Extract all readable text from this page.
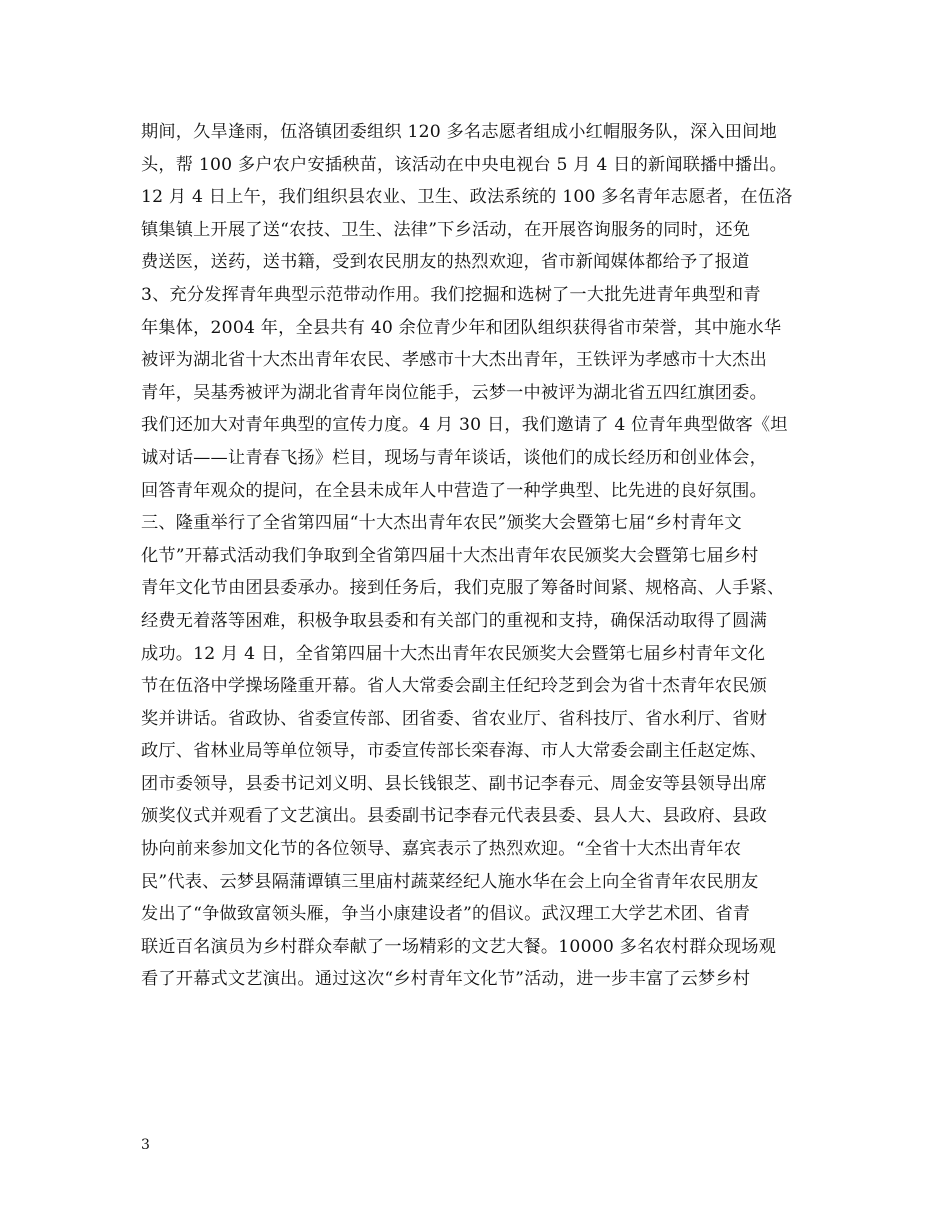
期间，久旱逢雨，伍洛镇团委组织 120 多名志愿者组成小红帽服务队，深入田间地
头，帮 100 多户农户安插秧苗，该活动在中央电视台 5 月 4 日的新闻联播中播出。
12 月 4 日上午，我们组织县农业、卫生、政法系统的 100 多名青年志愿者，在伍洛
镇集镇上开展了送“农技、卫生、法律”下乡活动，在开展咨询服务的同时，还免
费送医，送药，送书籍，受到农民朋友的热烈欢迎，省市新闻媒体都给予了报道
3、充分发挥青年典型示范带动作用。我们挖掘和选树了一大批先进青年典型和青
年集体，2004 年，全县共有 40 余位青少年和团队组织获得省市荣誉，其中施水华
被评为湖北省十大杰出青年农民、孝感市十大杰出青年，王铁评为孝感市十大杰出
青年，吴基秀被评为湖北省青年岗位能手，云梦一中被评为湖北省五四红旗团委。
我们还加大对青年典型的宣传力度。4 月 30 日，我们邀请了 4 位青年典型做客《坦
诚对话——让青春飞扬》栏目，现场与青年谈话，谈他们的成长经历和创业体会，
回答青年观众的提问，在全县未成年人中营造了一种学典型、比先进的良好氛围。
三、隆重举行了全省第四届“十大杰出青年农民”颁奖大会暨第七届“乡村青年文
化节”开幕式活动我们争取到全省第四届十大杰出青年农民颁奖大会暨第七届乡村
青年文化节由团县委承办。接到任务后，我们克服了筹备时间紧、规格高、人手紧、
经费无着落等困难，积极争取县委和有关部门的重视和支持，确保活动取得了圆满
成功。12 月 4 日，全省第四届十大杰出青年农民颁奖大会暨第七届乡村青年文化
节在伍洛中学操场隆重开幕。省人大常委会副主任纪玲芝到会为省十杰青年农民颁
奖并讲话。省政协、省委宣传部、团省委、省农业厅、省科技厅、省水利厅、省财
政厅、省林业局等单位领导，市委宣传部长栾春海、市人大常委会副主任赵定炼、
团市委领导，县委书记刘义明、县长钱银芝、副书记李春元、周金安等县领导出席
颁奖仪式并观看了文艺演出。县委副书记李春元代表县委、县人大、县政府、县政
协向前来参加文化节的各位领导、嘉宾表示了热烈欢迎。“全省十大杰出青年农
民”代表、云梦县隔蒲谭镇三里庙村蔬菜经纪人施水华在会上向全省青年农民朋友
发出了“争做致富领头雁，争当小康建设者”的倡议。武汉理工大学艺术团、省青
联近百名演员为乡村群众奉献了一场精彩的文艺大餐。10000 多名农村群众现场观
看了开幕式文艺演出。通过这次“乡村青年文化节”活动，进一步丰富了云梦乡村
3
